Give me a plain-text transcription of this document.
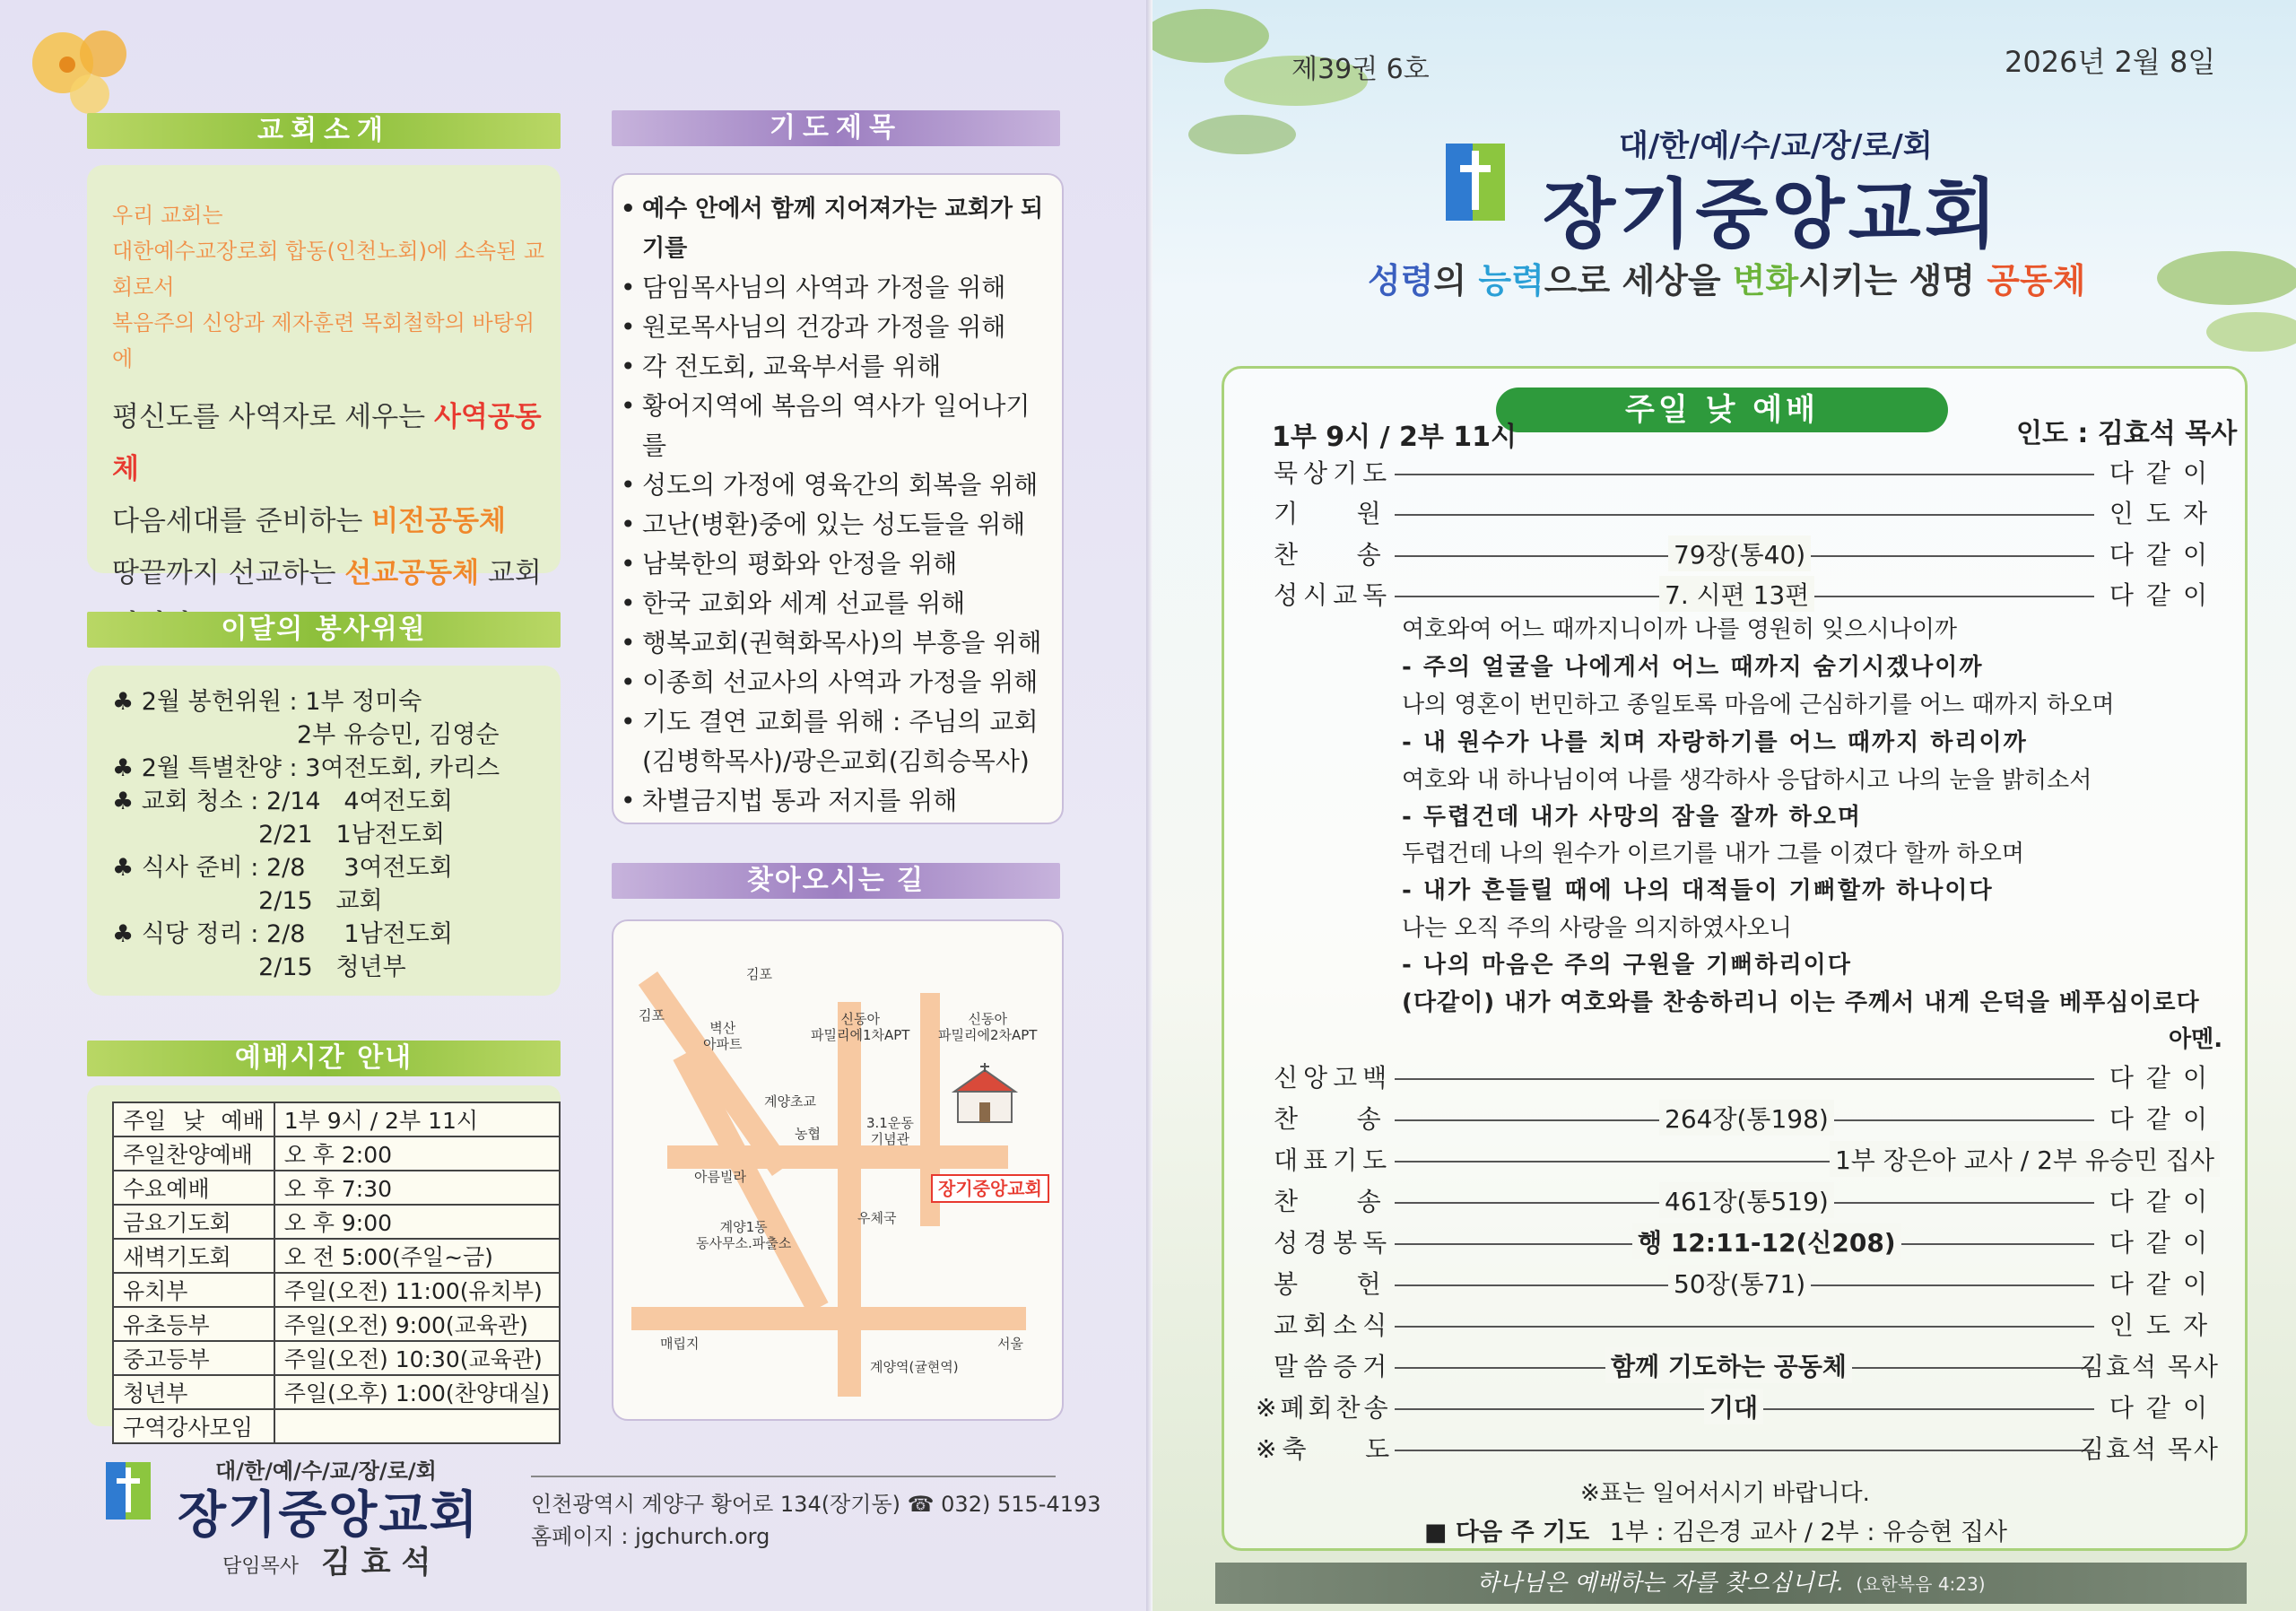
교회소개
우리 교회는
대한예수교장로회 합동(인천노회)에 소속된 교회로서
복음주의 신앙과 제자훈련 목회철학의 바탕위에
평신도를 사역자로 세우는 사역공동체
다음세대를 준비하는 비전공동체
땅끝까지 선교하는 선교공동체 교회
이달의 봉사위원
♣ 2월 봉헌위원 : 1부 정미숙
2부 유승민, 김영순
♣ 2월 특별찬양 : 3여전도회, 카리스
♣ 교회 청소 : 2/14   4여전도회
2/21   1남전도회
♣ 식사 준비 : 2/8     3여전도회
2/15   교회
♣ 식당 정리 : 2/8     1남전도회
2/15   청년부
예배시간 안내
주일 낮 예배	1부 9시 / 2부 11시
주일찬양예배	오 후 2:00
수요예배	오 후 7:30
금요기도회	오 후 9:00
새벽기도회	오 전 5:00(주일~금)
유치부	주일(오전) 11:00(유치부)
유초등부	주일(오전) 9:00(교육관)
중고등부	주일(오전) 10:30(교육관)
청년부	주일(오후) 1:00(찬양대실)
구역강사모임	
기도제목
• 예수 안에서 함께 지어져가는 교회가 되기를
• 담임목사님의 사역과 가정을 위해
• 원로목사님의 건강과 가정을 위해
• 각 전도회, 교육부서를 위해
• 황어지역에 복음의 역사가 일어나기를
• 성도의 가정에 영육간의 회복을 위해
• 고난(병환)중에 있는 성도들을 위해
• 남북한의 평화와 안정을 위해
• 한국 교회와 세계 선교를 위해
• 행복교회(권혁화목사)의 부흥을 위해
• 이종희 선교사의 사역과 가정을 위해
• 기도 결연 교회를 위해 : 주님의 교회 (김병학목사)/광은교회(김희승목사)
• 차별금지법 통과 저지를 위해
찾아오시는 길
김포
김포
벽산
아파트
신동아
파밀리에1차APT
신동아
파밀리에2차APT
계양초교
농협
3.1운동
기념관
아름빌라
계양1동
동사무소.파출소
우체국
매립지	서울
계양역(귤현역)
장기중앙교회
대/한/예/수/교/장/로/회
장기중앙교회
담임목사 김 효 석
인천광역시 계양구 황어로 134(장기동) ☎ 032) 515-4193
홈페이지 : jgchurch.org
제39권 6호	2026년 2월 8일
대/한/예/수/교/장/로/회
장기중앙교회
성령의 능력으로 세상을 변화시키는 생명 공동체
주일 낮 예배
1부 9시 / 2부 11시	인도 : 김효석 목사
묵상기도	다같이
기    원	인도자
찬    송	79장(통40)	다같이
성시교독	7. 시편 13편	다같이
여호와여 어느 때까지니이까 나를 영원히 잊으시나이까
- 주의 얼굴을 나에게서 어느 때까지 숨기시겠나이까
나의 영혼이 번민하고 종일토록 마음에 근심하기를 어느 때까지 하오며
- 내 원수가 나를 치며 자랑하기를 어느 때까지 하리이까
여호와 내 하나님이여 나를 생각하사 응답하시고 나의 눈을 밝히소서
- 두렵건데 내가 사망의 잠을 잘까 하오며
두렵건데 나의 원수가 이르기를 내가 그를 이겼다 할까 하오며
- 내가 흔들릴 때에 나의 대적들이 기뻐할까 하나이다
나는 오직 주의 사랑을 의지하였사오니
- 나의 마음은 주의 구원을 기뻐하리이다
(다같이) 내가 여호와를 찬송하리니 이는 주께서 내게 은덕을 베푸심이로다
아멘.
신앙고백	다같이
찬    송	264장(통198)	다같이
대표기도	1부 장은아 교사 / 2부 유승민 집사
찬    송	461장(통519)	다같이
성경봉독	행 12:11-12(신208)	다같이
봉    헌	50장(통71)	다같이
교회소식	인도자
말씀증거	함께 기도하는 공동체	김효석 목사
※폐회찬송	기대	다같이
※축    도	김효석 목사
※표는 일어서시기 바랍니다.
■ 다음 주 기도 1부 : 김은경 교사 / 2부 : 유승현 집사
하나님은 예배하는 자를 찾으십니다. (요한복음 4:23)
